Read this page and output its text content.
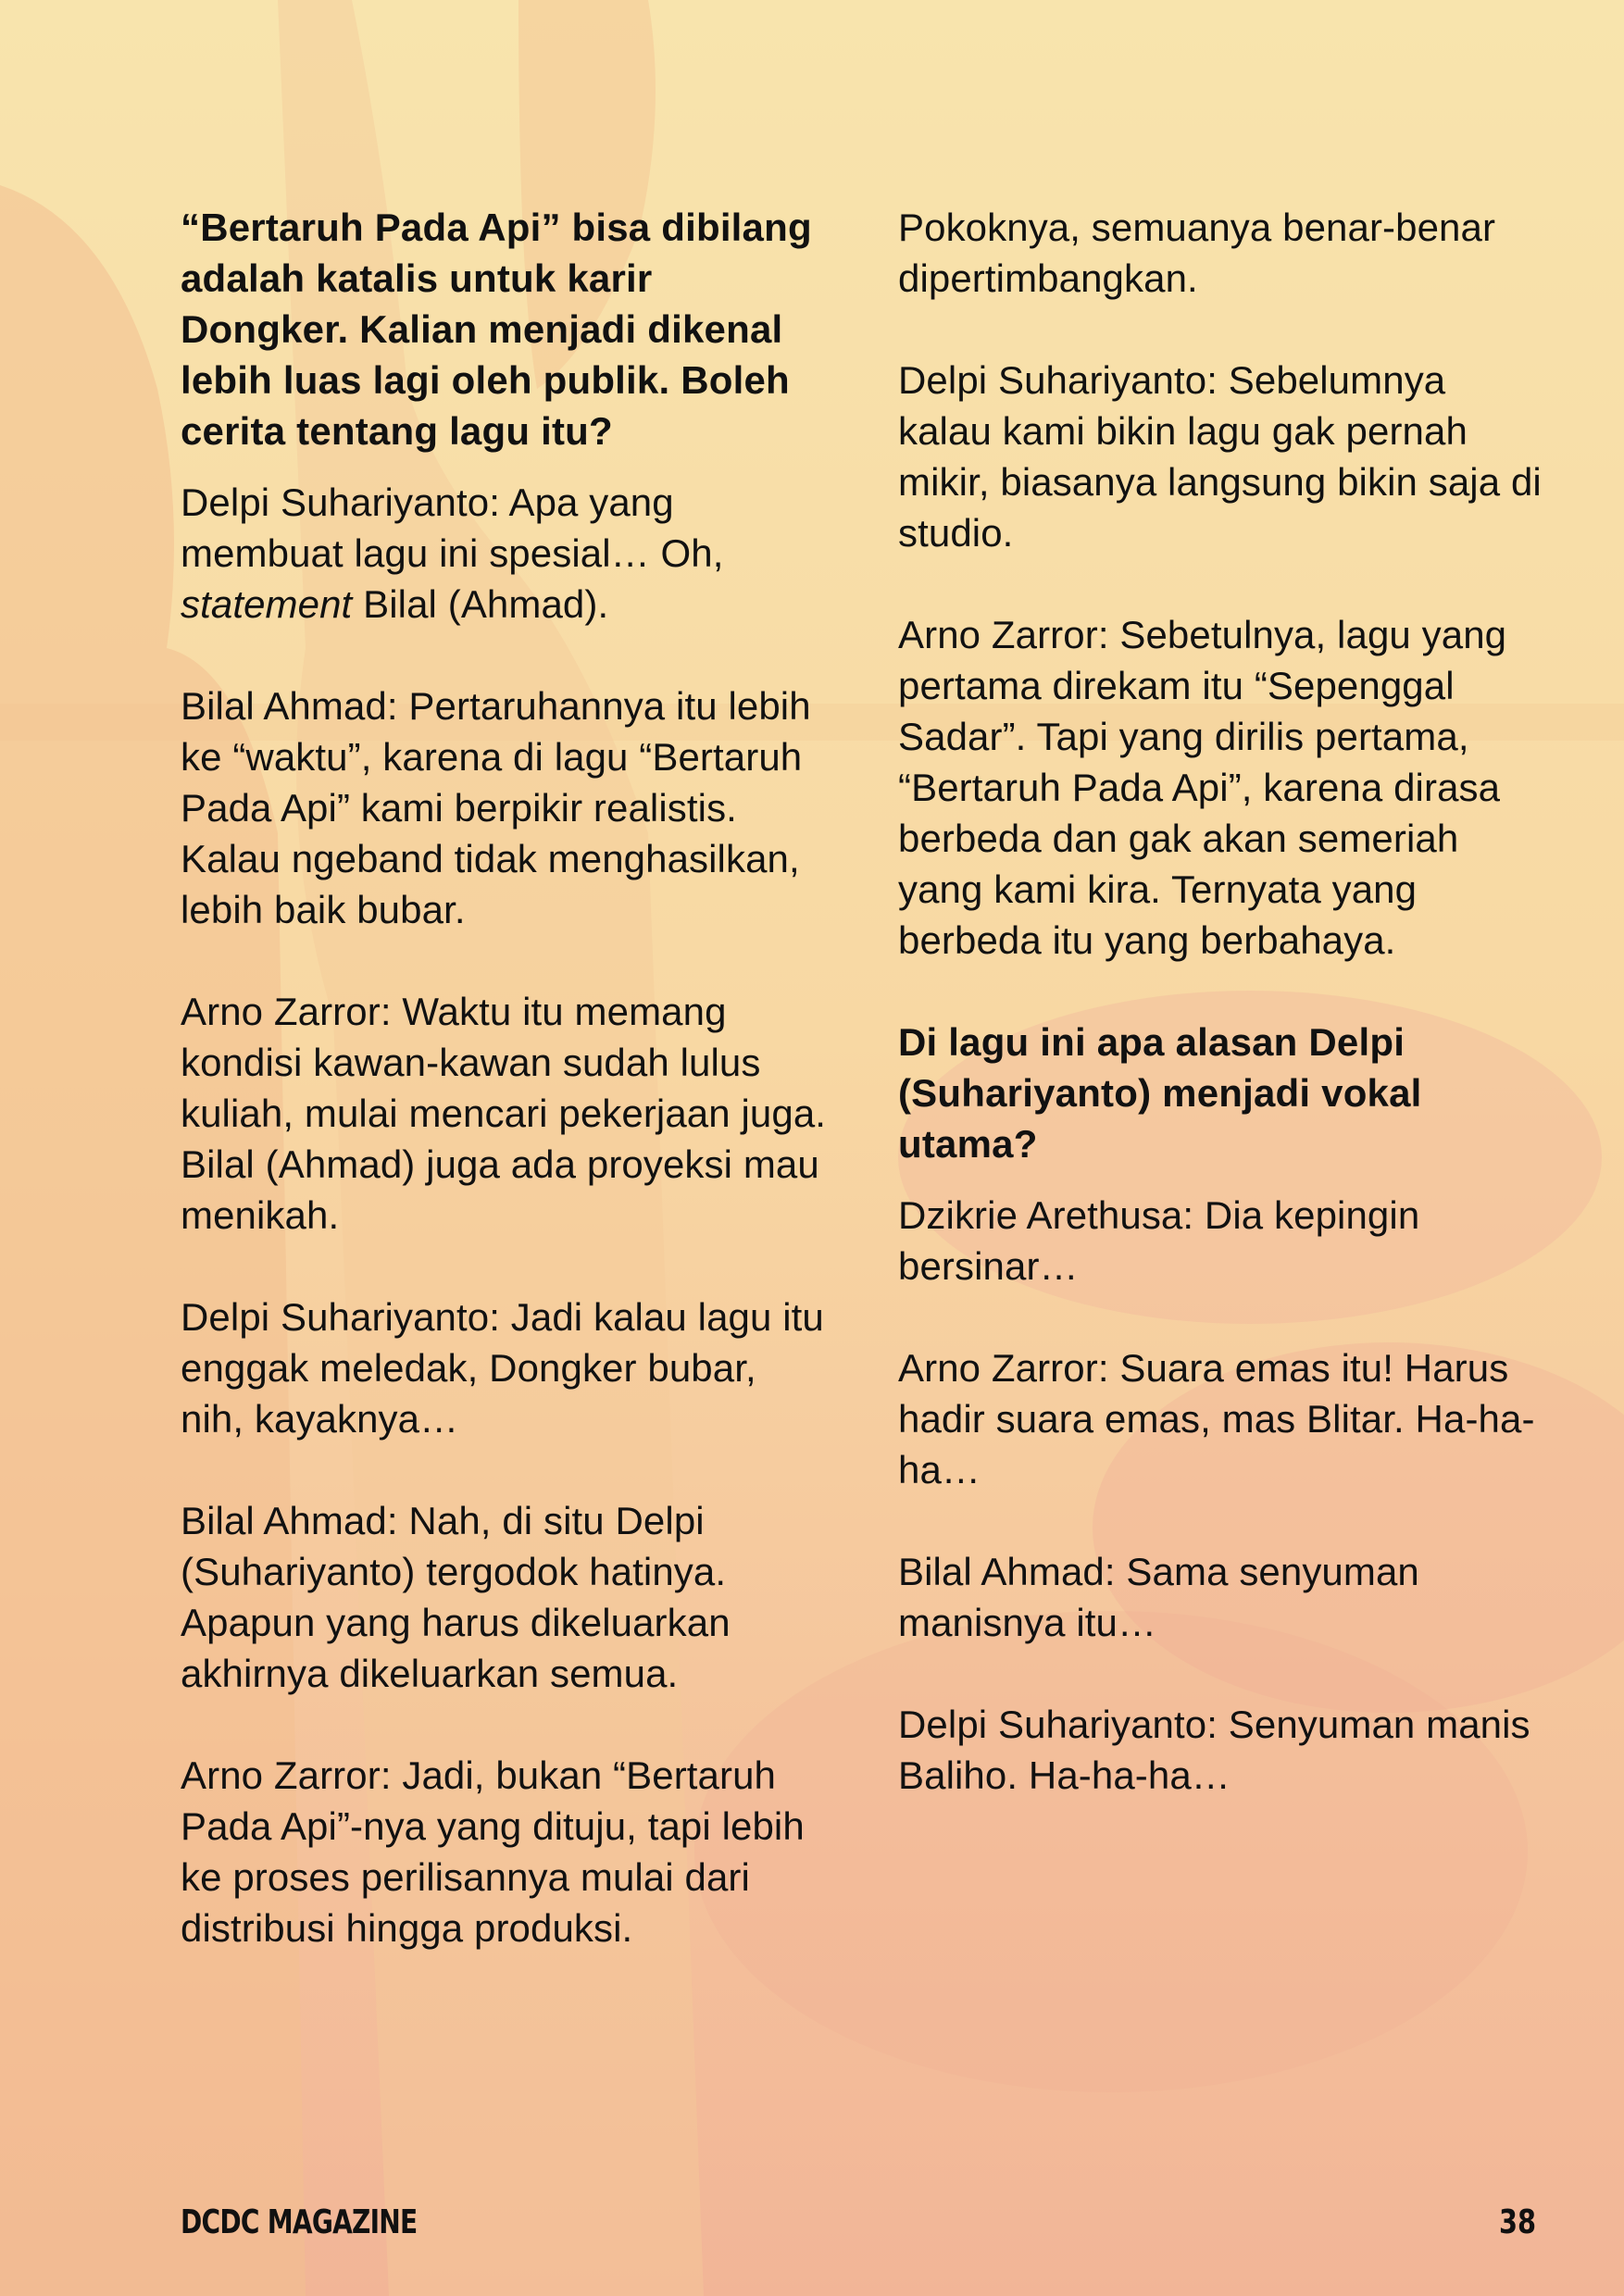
“Bertaruh Pada Api” bisa dibilang adalah katalis untuk karir Dongker. Kalian menjadi dikenal lebih luas lagi oleh publik. Boleh cerita tentang lagu itu?

Delpi Suhariyanto: Apa yang membuat lagu ini spesial… Oh, statement Bilal (Ahmad).

Bilal Ahmad: Pertaruhannya itu lebih ke “waktu”, karena di lagu “Bertaruh Pada Api” kami berpikir realistis. Kalau ngeband tidak menghasilkan, lebih baik bubar.

Arno Zarror: Waktu itu memang kondisi kawan-kawan sudah lulus kuliah, mulai mencari pekerjaan juga. Bilal (Ahmad) juga ada proyeksi mau menikah.

Delpi Suhariyanto: Jadi kalau lagu itu enggak meledak, Dongker bubar, nih, kayaknya…

Bilal Ahmad: Nah, di situ Delpi (Suhariyanto) tergodok hatinya. Apapun yang harus dikeluarkan akhirnya dikeluarkan semua.

Arno Zarror: Jadi, bukan “Bertaruh Pada Api”-nya yang dituju, tapi lebih ke proses perilisannya mulai dari distribusi hingga produksi.

Pokoknya, semuanya benar-benar dipertimbangkan.

Delpi Suhariyanto: Sebelumnya kalau kami bikin lagu gak pernah mikir, biasanya langsung bikin saja di studio.

Arno Zarror: Sebetulnya, lagu yang pertama direkam itu “Sepenggal Sadar”. Tapi yang dirilis pertama, “Bertaruh Pada Api”, karena dirasa berbeda dan gak akan semeriah yang kami kira. Ternyata yang berbeda itu yang berbahaya.

Di lagu ini apa alasan Delpi (Suhariyanto) menjadi vokal utama?

Dzikrie Arethusa: Dia kepingin bersinar…

Arno Zarror: Suara emas itu! Harus hadir suara emas, mas Blitar. Ha-ha-ha…

Bilal Ahmad: Sama senyuman manisnya itu…

Delpi Suhariyanto: Senyuman manis Baliho. Ha-ha-ha…

DCDC MAGAZINE	38
